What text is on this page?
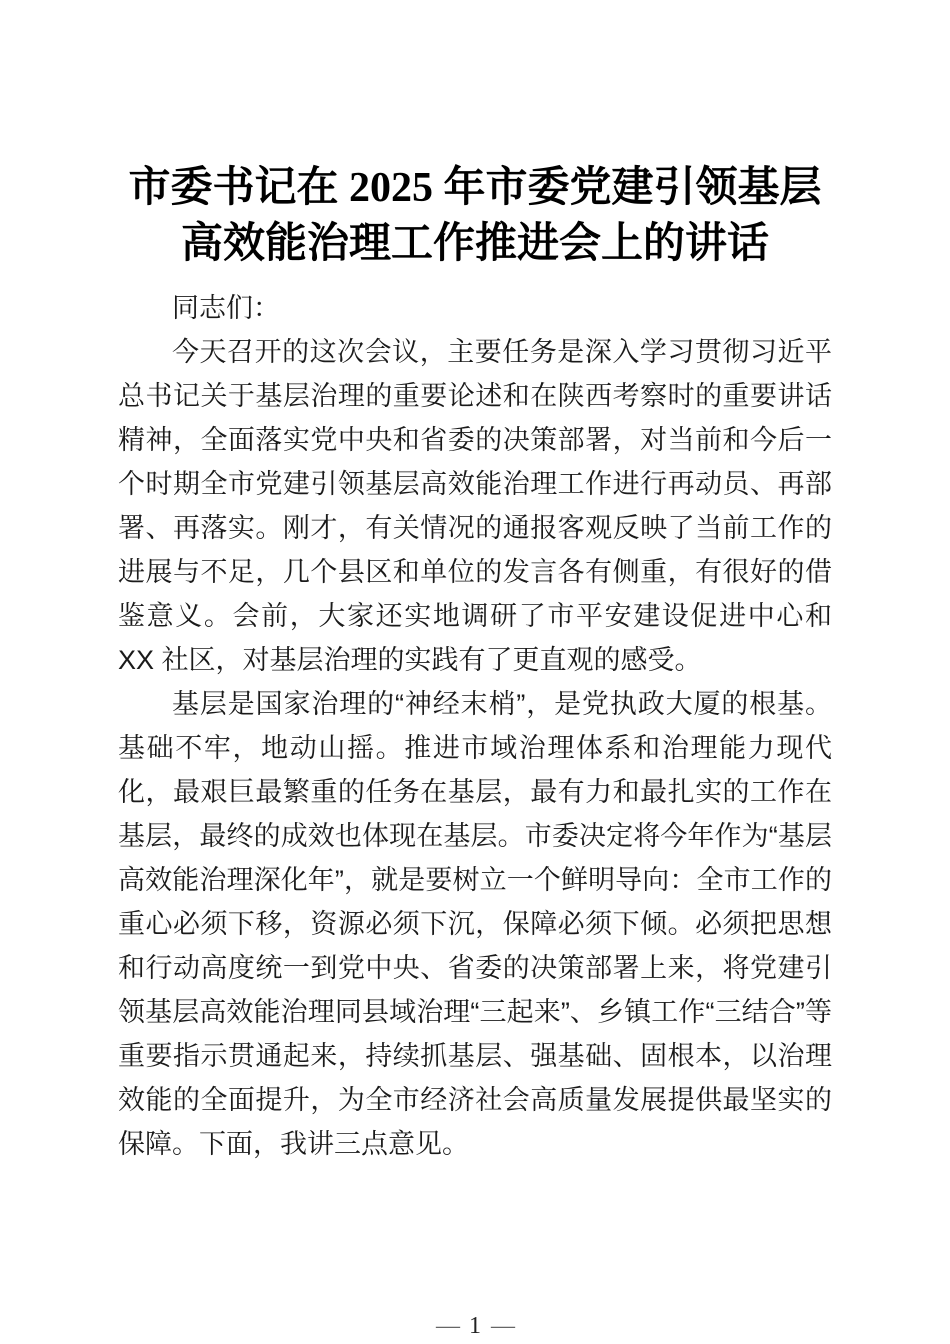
市委书记在 2025 年市委党建引领基层
高效能治理工作推进会上的讲话

同志们：

今天召开的这次会议，主要任务是深入学习贯彻习近平总书记关于基层治理的重要论述和在陕西考察时的重要讲话精神，全面落实党中央和省委的决策部署，对当前和今后一个时期全市党建引领基层高效能治理工作进行再动员、再部署、再落实。刚才，有关情况的通报客观反映了当前工作的进展与不足，几个县区和单位的发言各有侧重，有很好的借鉴意义。会前，大家还实地调研了市平安建设促进中心和 XX 社区，对基层治理的实践有了更直观的感受。

基层是国家治理的“神经末梢”，是党执政大厦的根基。基础不牢，地动山摇。推进市域治理体系和治理能力现代化，最艰巨最繁重的任务在基层，最有力和最扎实的工作在基层，最终的成效也体现在基层。市委决定将今年作为“基层高效能治理深化年”，就是要树立一个鲜明导向：全市工作的重心必须下移，资源必须下沉，保障必须下倾。必须把思想和行动高度统一到党中央、省委的决策部署上来，将党建引领基层高效能治理同县域治理“三起来”、乡镇工作“三结合”等重要指示贯通起来，持续抓基层、强基础、固根本，以治理效能的全面提升，为全市经济社会高质量发展提供最坚实的保障。下面，我讲三点意见。

— 1 —
